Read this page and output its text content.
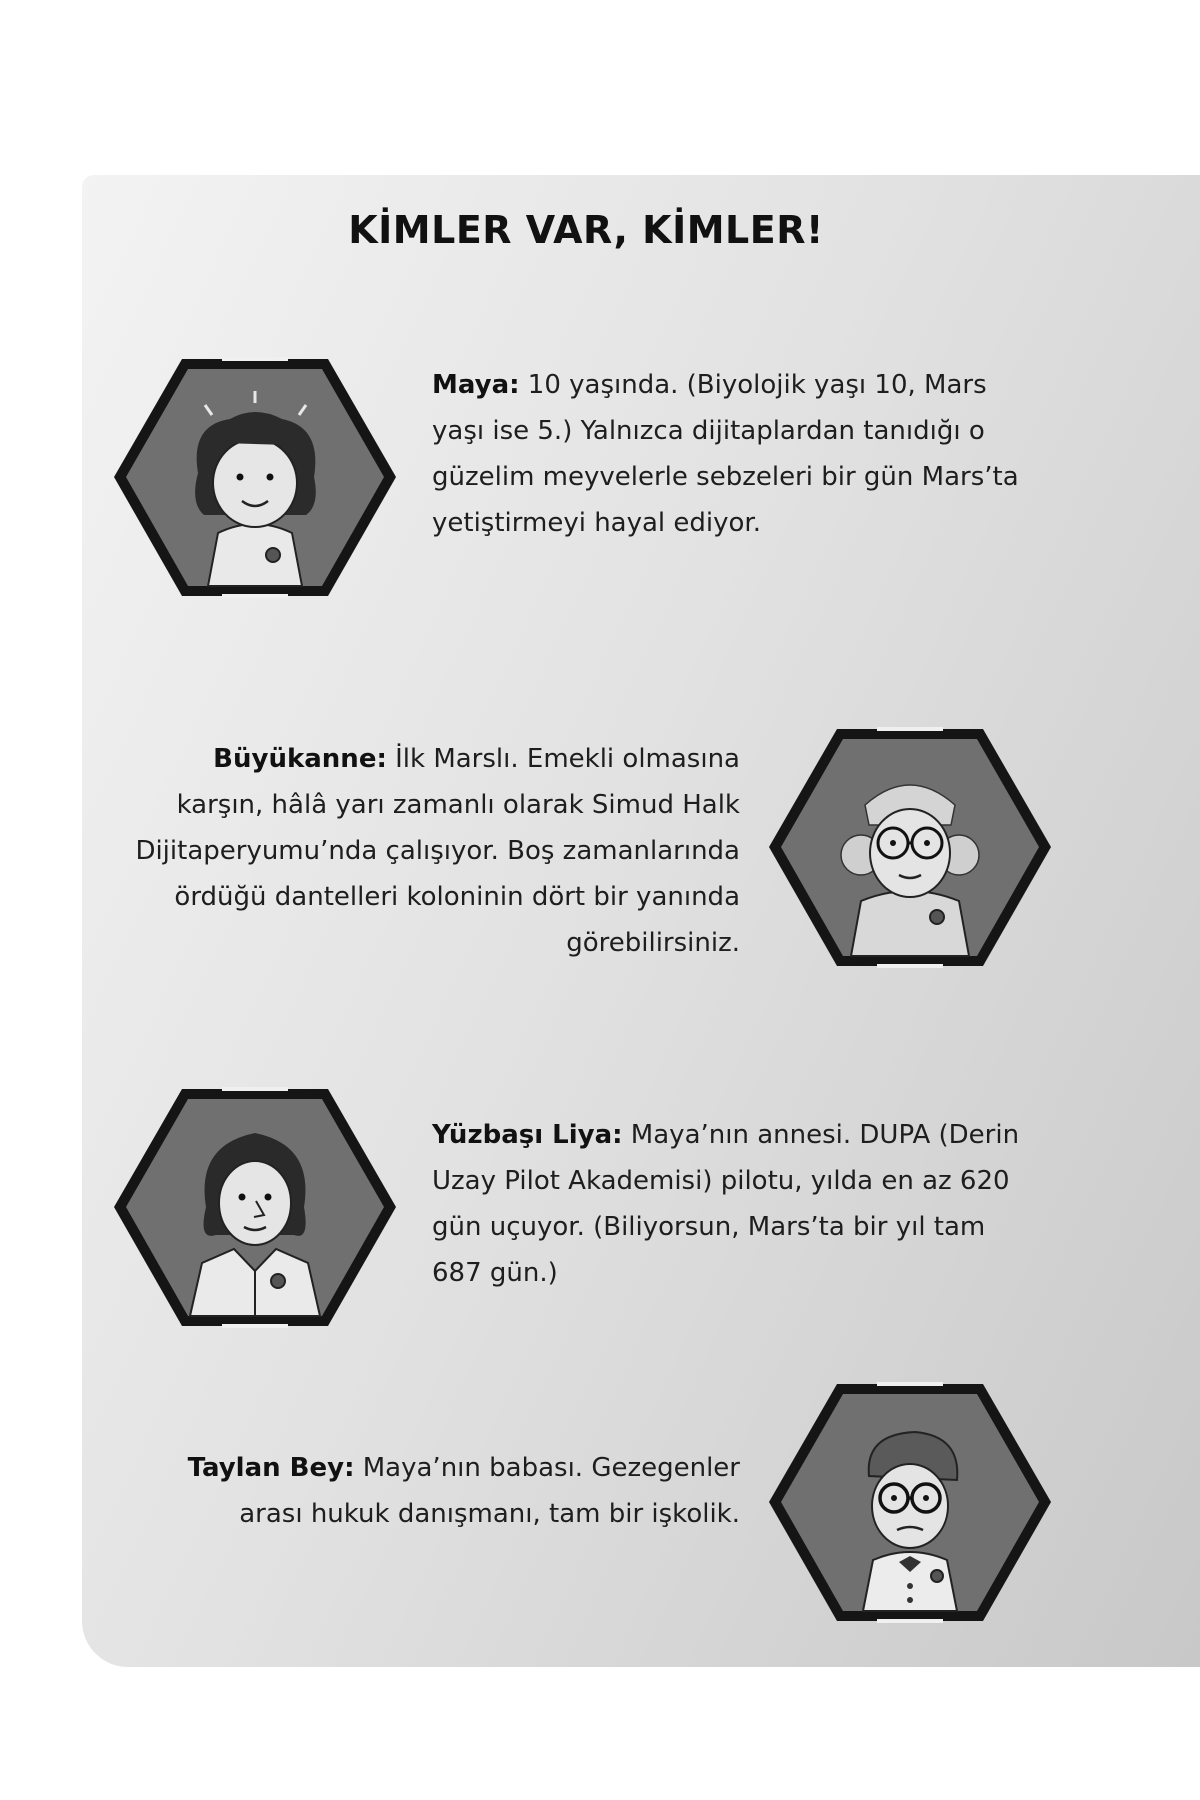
KİMLER VAR, KİMLER!

Maya: 10 yaşında. (Biyolojik yaşı 10, Mars yaşı ise 5.) Yalnızca dijitaplardan tanıdığı o güzelim meyvelerle sebzeleri bir gün Mars’ta yetiştirmeyi hayal ediyor.

Büyükanne: İlk Marslı. Emekli olmasına karşın, hâlâ yarı zamanlı olarak Simud Halk Dijitaperyumu’nda çalışıyor. Boş zamanlarında ördüğü dantelleri koloninin dört bir yanında görebilirsiniz.

Yüzbaşı Liya: Maya’nın annesi. DUPA (Derin Uzay Pilot Akademisi) pilotu, yılda en az 620 gün uçuyor. (Biliyorsun, Mars’ta bir yıl tam 687 gün.)

Taylan Bey: Maya’nın babası. Gezegenler arası hukuk danışmanı, tam bir işkolik.
